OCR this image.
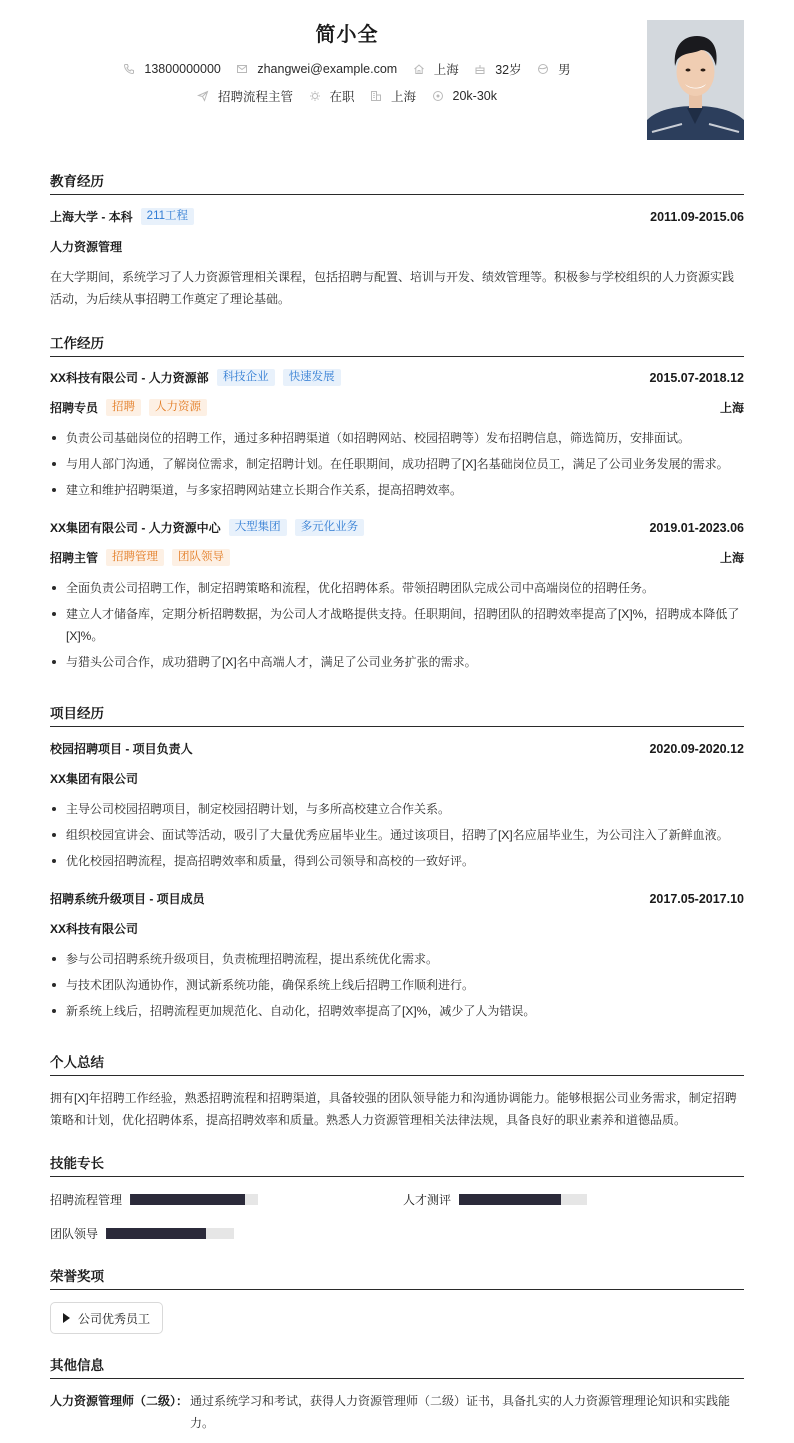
简小全
13800000000
	zhangwei@example.com
	上海
	32岁
	男
招聘流程主管
	在职
	上海
	20k-30k
教育经历
上海大学 - 本科	211工程	2011.09-2015.06
人力资源管理
在大学期间，系统学习了人力资源管理相关课程，包括招聘与配置、培训与开发、绩效管理等。积极参与学校组织的人力资源实践活动，为后续从事招聘工作奠定了理论基础。
工作经历
XX科技有限公司 - 人力资源部	科技企业	快速发展	2015.07-2018.12
招聘专员	招聘	人力资源	上海
负责公司基础岗位的招聘工作，通过多种招聘渠道（如招聘网站、校园招聘等）发布招聘信息，筛选简历，安排面试。
与用人部门沟通，了解岗位需求，制定招聘计划。在任职期间，成功招聘了[X]名基础岗位员工，满足了公司业务发展的需求。
建立和维护招聘渠道，与多家招聘网站建立长期合作关系，提高招聘效率。
XX集团有限公司 - 人力资源中心	大型集团	多元化业务	2019.01-2023.06
招聘主管	招聘管理	团队领导	上海
全面负责公司招聘工作，制定招聘策略和流程，优化招聘体系。带领招聘团队完成公司中高端岗位的招聘任务。
建立人才储备库，定期分析招聘数据，为公司人才战略提供支持。任职期间，招聘团队的招聘效率提高了[X]%，招聘成本降低了[X]%。
与猎头公司合作，成功猎聘了[X]名中高端人才，满足了公司业务扩张的需求。
项目经历
校园招聘项目 - 项目负责人	2020.09-2020.12
XX集团有限公司
主导公司校园招聘项目，制定校园招聘计划，与多所高校建立合作关系。
组织校园宣讲会、面试等活动，吸引了大量优秀应届毕业生。通过该项目，招聘了[X]名应届毕业生，为公司注入了新鲜血液。
优化校园招聘流程，提高招聘效率和质量，得到公司领导和高校的一致好评。
招聘系统升级项目 - 项目成员	2017.05-2017.10
XX科技有限公司
参与公司招聘系统升级项目，负责梳理招聘流程，提出系统优化需求。
与技术团队沟通协作，测试新系统功能，确保系统上线后招聘工作顺利进行。
新系统上线后，招聘流程更加规范化、自动化，招聘效率提高了[X]%，减少了人为错误。
个人总结
拥有[X]年招聘工作经验，熟悉招聘流程和招聘渠道，具备较强的团队领导能力和沟通协调能力。能够根据公司业务需求，制定招聘策略和计划，优化招聘体系，提高招聘效率和质量。熟悉人力资源管理相关法律法规，具备良好的职业素养和道德品质。
技能专长
招聘流程管理	人才测评
团队领导
荣誉奖项
公司优秀员工
其他信息
人力资源管理师（二级）： 通过系统学习和考试，获得人力资源管理师（二级）证书，具备扎实的人力资源管理理论知识和实践能力。
